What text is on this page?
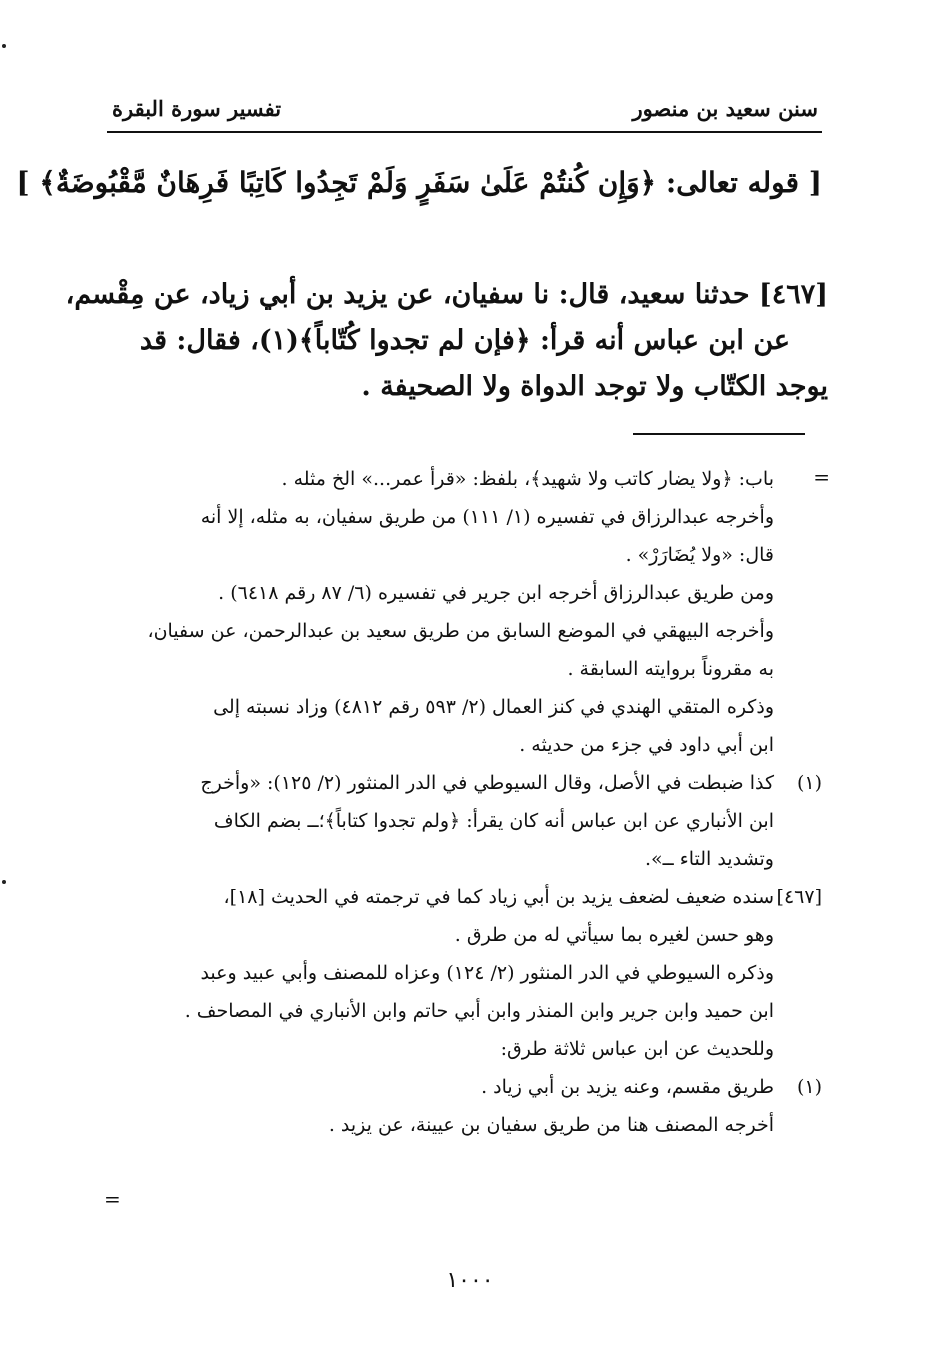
سنن سعيد بن منصور
تفسير سورة البقرة
[ قوله تعالى: ﴿وَإِن كُنتُمْ عَلَىٰ سَفَرٍ وَلَمْ تَجِدُوا كَاتِبًا فَرِهَانٌ مَّقْبُوضَةٌ﴾ ]
[٤٦٧] حدثنا سعيد، قال: نا سفيان، عن يزيد بن أبي زياد، عن مِقْسم،
عن ابن عباس أنه قرأ: ﴿فإن لم تجدوا كُتّاباً﴾(١)، فقال: قد
يوجد الكتّاب ولا توجد الدواة ولا الصحيفة .
=
باب: ﴿ولا يضار كاتب ولا شهيد﴾، بلفظ: «قرأ عمر...» الخ مثله .
وأخرجه عبدالرزاق في تفسيره (١/ ١١١) من طريق سفيان، به مثله، إلا أنه
قال: «ولا يُضَارَرْ» .
ومن طريق عبدالرزاق أخرجه ابن جرير في تفسيره (٦/ ٨٧ رقم ٦٤١٨) .
وأخرجه البيهقي في الموضع السابق من طريق سعيد بن عبدالرحمن، عن سفيان،
به مقروناً بروايته السابقة .
وذكره المتقي الهندي في كنز العمال (٢/ ٥٩٣ رقم ٤٨١٢) وزاد نسبته إلى
ابن أبي داود في جزء من حديثه .
(١)كذا ضبطت في الأصل، وقال السيوطي في الدر المنثور (٢/ ١٢٥): «وأخرج
ابن الأنباري عن ابن عباس أنه كان يقرأ: ﴿ولم تجدوا كتاباً﴾؛ــ بضم الكاف
وتشديد التاء ــ».
[٤٦٧]سنده ضعيف لضعف يزيد بن أبي زياد كما في ترجمته في الحديث [١٨]،
وهو حسن لغيره بما سيأتي له من طرق .
وذكره السيوطي في الدر المنثور (٢/ ١٢٤) وعزاه للمصنف وأبي عبيد وعبد
ابن حميد وابن جرير وابن المنذر وابن أبي حاتم وابن الأنباري في المصاحف .
وللحديث عن ابن عباس ثلاثة طرق:
(١)طريق مقسم، وعنه يزيد بن أبي زياد .
أخرجه المصنف هنا من طريق سفيان بن عيينة، عن يزيد .
=
١٠٠٠
